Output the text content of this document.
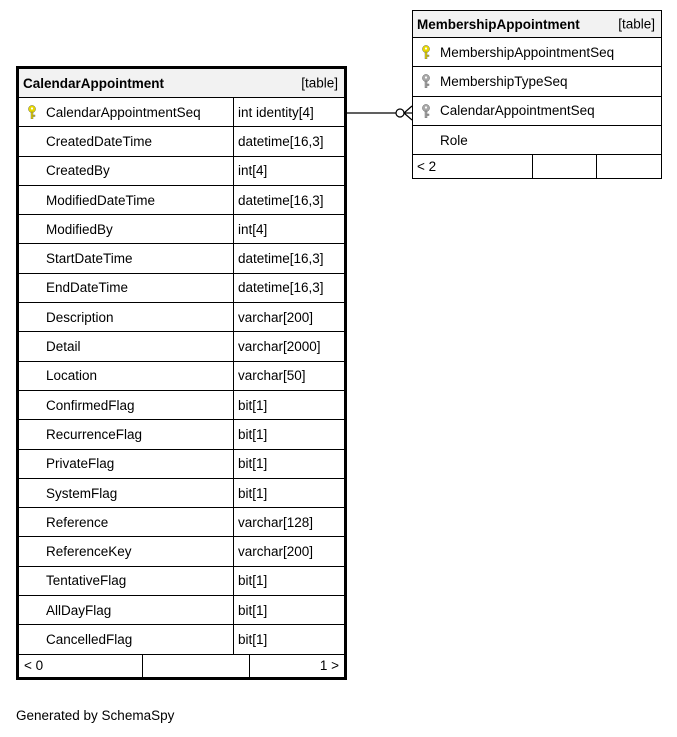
CalendarAppointment [table]	

CalendarAppointmentSeq	int identity[4]
CreatedDateTime	datetime[16,3]
CreatedBy	int[4]
ModifiedDateTime	datetime[16,3]
ModifiedBy	int[4]
StartDateTime	datetime[16,3]
EndDateTime	datetime[16,3]
Description	varchar[200]
Detail	varchar[2000]
Location	varchar[50]
ConfirmedFlag	bit[1]
RecurrenceFlag	bit[1]
PrivateFlag	bit[1]
SystemFlag	bit[1]
Reference	varchar[128]
ReferenceKey	varchar[200]
TentativeFlag	bit[1]
AllDayFlag	bit[1]
CancelledFlag	bit[1]

< 0 1 >	
MembershipAppointment	[table]

MembershipAppointmentSeq

MembershipTypeSeq

CalendarAppointmentSeq
Role
< 2		
Generated by SchemaSpy
